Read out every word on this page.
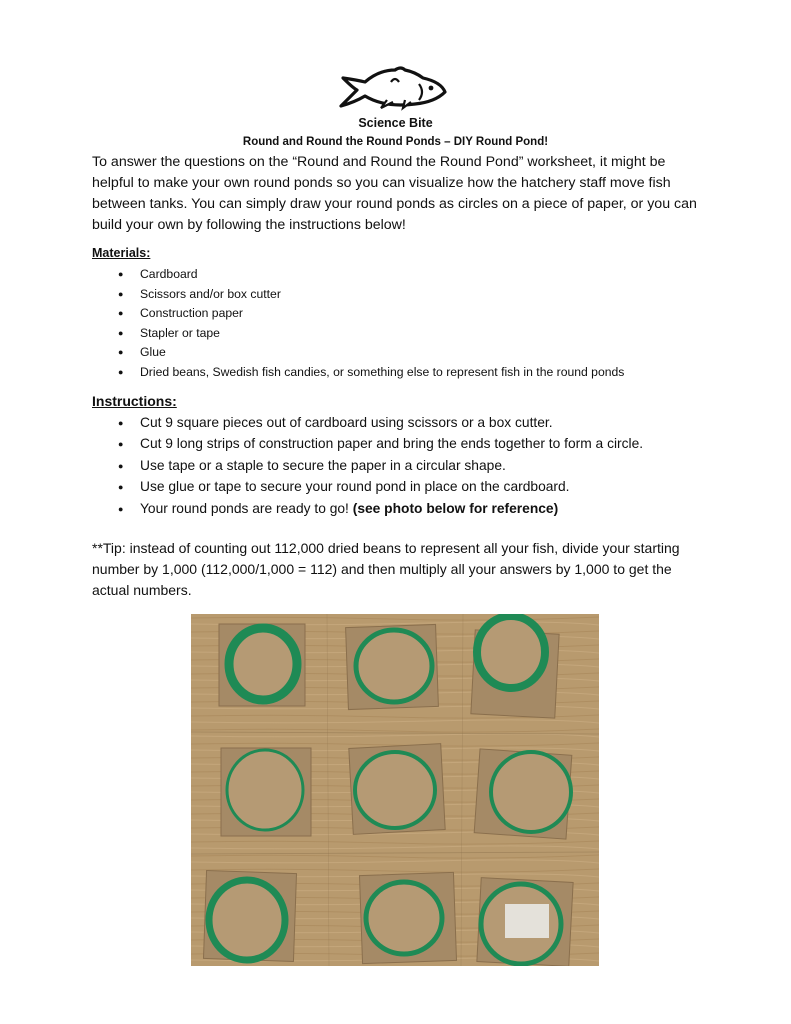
Science Bite
Round and Round the Round Ponds – DIY Round Pond!
To answer the questions on the “Round and Round the Round Pond” worksheet, it might be helpful to make your own round ponds so you can visualize how the hatchery staff move fish between tanks. You can simply draw your round ponds as circles on a piece of paper, or you can build your own by following the instructions below!
Materials:
● Cardboard
● Scissors and/or box cutter
● Construction paper
● Stapler or tape
● Glue
● Dried beans, Swedish fish candies, or something else to represent fish in the round ponds
Instructions:
● Cut 9 square pieces out of cardboard using scissors or a box cutter.
● Cut 9 long strips of construction paper and bring the ends together to form a circle.
● Use tape or a staple to secure the paper in a circular shape.
● Use glue or tape to secure your round pond in place on the cardboard.
● Your round ponds are ready to go! (see photo below for reference)
**Tip: instead of counting out 112,000 dried beans to represent all your fish, divide your starting number by 1,000 (112,000/1,000 = 112) and then multiply all your answers by 1,000 to get the actual numbers.
